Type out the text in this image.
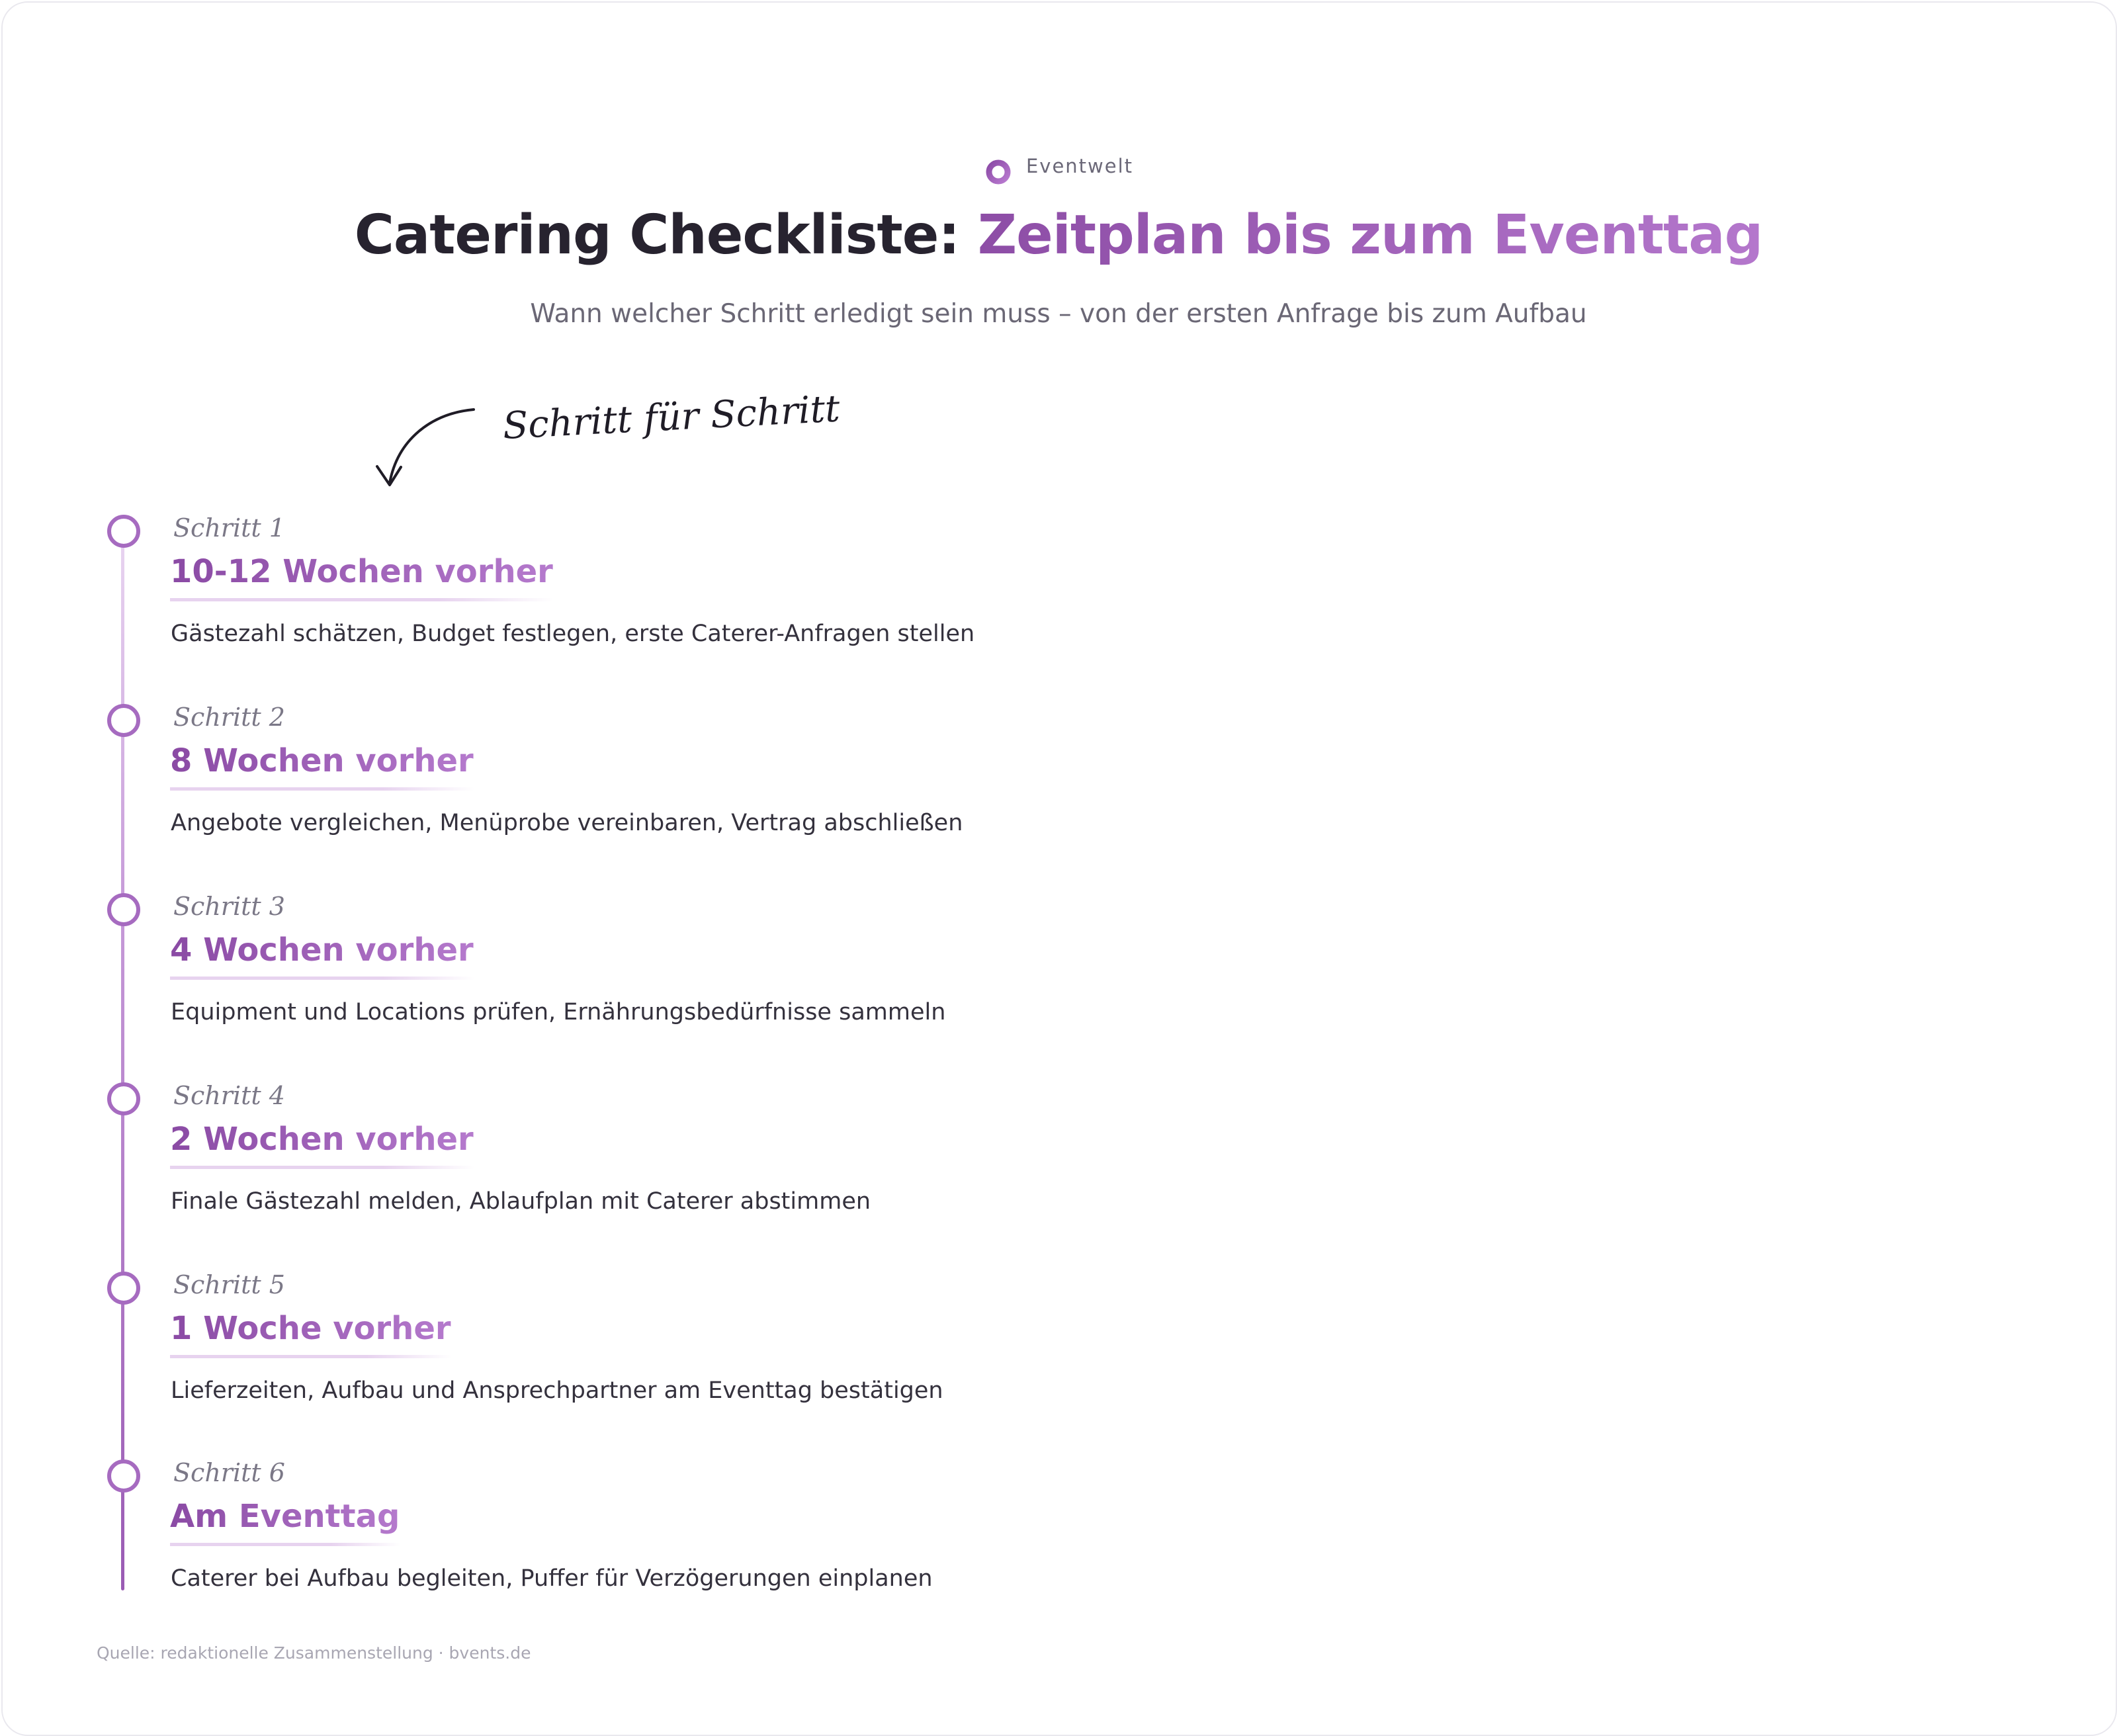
Eventwelt
Catering Checkliste: Zeitplan bis zum Eventtag
Wann welcher Schritt erledigt sein muss – von der ersten Anfrage bis zum Aufbau
Schritt für Schritt
Schritt 1
10-12 Wochen vorher
Gästezahl schätzen, Budget festlegen, erste Caterer-Anfragen stellen
Schritt 2
8 Wochen vorher
Angebote vergleichen, Menüprobe vereinbaren, Vertrag abschließen
Schritt 3
4 Wochen vorher
Equipment und Locations prüfen, Ernährungsbedürfnisse sammeln
Schritt 4
2 Wochen vorher
Finale Gästezahl melden, Ablaufplan mit Caterer abstimmen
Schritt 5
1 Woche vorher
Lieferzeiten, Aufbau und Ansprechpartner am Eventtag bestätigen
Schritt 6
Am Eventtag
Caterer bei Aufbau begleiten, Puffer für Verzögerungen einplanen
Quelle: redaktionelle Zusammenstellung · bvents.de
